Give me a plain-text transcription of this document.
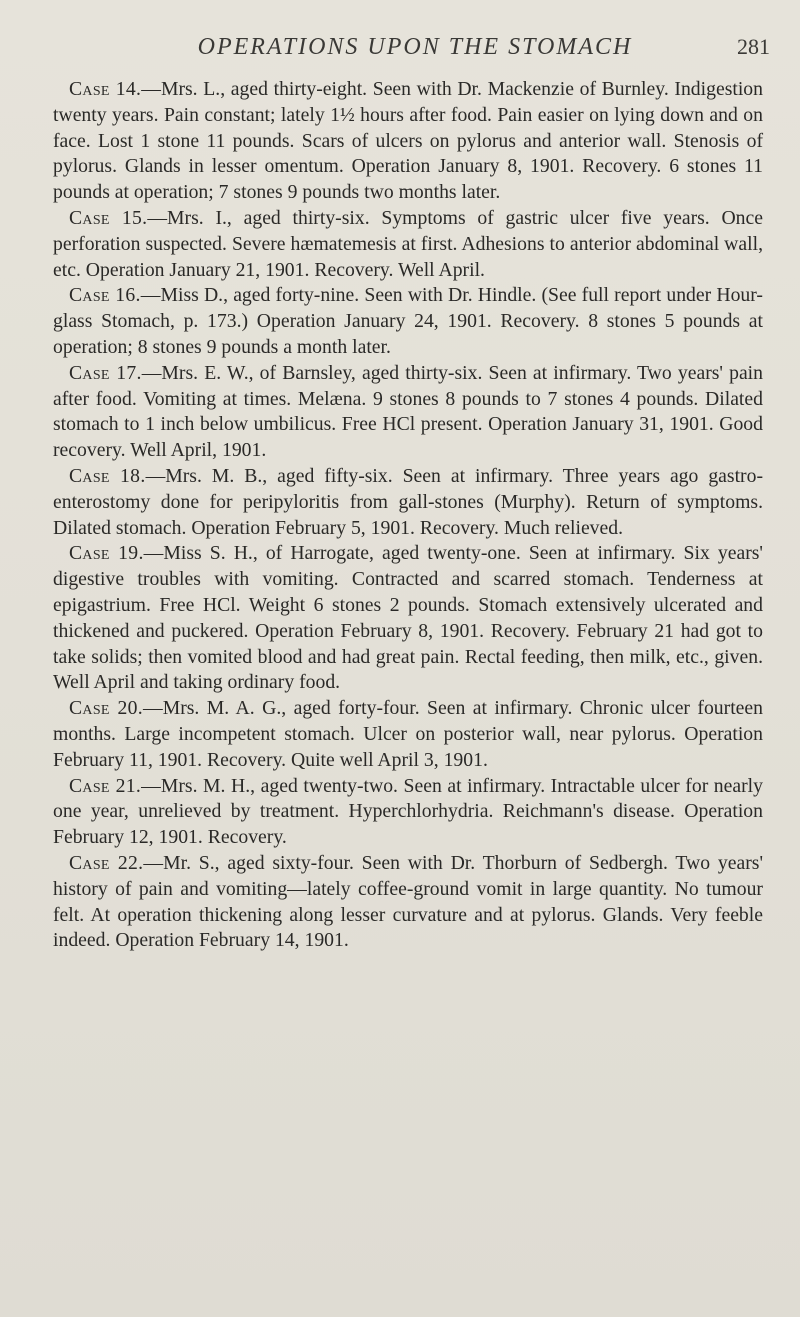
OPERATIONS UPON THE STOMACH	281

Case 14.—Mrs. L., aged thirty-eight. Seen with Dr. Mackenzie of Burnley. Indigestion twenty years. Pain constant; lately 1½ hours after food. Pain easier on lying down and on face. Lost 1 stone 11 pounds. Scars of ulcers on pylorus and anterior wall. Stenosis of pylorus. Glands in lesser omentum. Operation January 8, 1901. Recovery. 6 stones 11 pounds at operation; 7 stones 9 pounds two months later.

Case 15.—Mrs. I., aged thirty-six. Symptoms of gastric ulcer five years. Once perforation suspected. Severe hæmatemesis at first. Adhesions to anterior abdominal wall, etc. Operation January 21, 1901. Recovery. Well April.

Case 16.—Miss D., aged forty-nine. Seen with Dr. Hindle. (See full report under Hour-glass Stomach, p. 173.) Operation January 24, 1901. Recovery. 8 stones 5 pounds at operation; 8 stones 9 pounds a month later.

Case 17.—Mrs. E. W., of Barnsley, aged thirty-six. Seen at infirmary. Two years' pain after food. Vomiting at times. Melæna. 9 stones 8 pounds to 7 stones 4 pounds. Dilated stomach to 1 inch below umbilicus. Free HCl present. Operation January 31, 1901. Good recovery. Well April, 1901.

Case 18.—Mrs. M. B., aged fifty-six. Seen at infirmary. Three years ago gastro-enterostomy done for peripyloritis from gall-stones (Murphy). Return of symptoms. Dilated stomach. Operation February 5, 1901. Recovery. Much relieved.

Case 19.—Miss S. H., of Harrogate, aged twenty-one. Seen at infirmary. Six years' digestive troubles with vomiting. Contracted and scarred stomach. Tenderness at epigastrium. Free HCl. Weight 6 stones 2 pounds. Stomach extensively ulcerated and thickened and puckered. Operation February 8, 1901. Recovery. February 21 had got to take solids; then vomited blood and had great pain. Rectal feeding, then milk, etc., given. Well April and taking ordinary food.

Case 20.—Mrs. M. A. G., aged forty-four. Seen at infirmary. Chronic ulcer fourteen months. Large incompetent stomach. Ulcer on posterior wall, near pylorus. Operation February 11, 1901. Recovery. Quite well April 3, 1901.

Case 21.—Mrs. M. H., aged twenty-two. Seen at infirmary. Intractable ulcer for nearly one year, unrelieved by treatment. Hyperchlorhydria. Reichmann's disease. Operation February 12, 1901. Recovery.

Case 22.—Mr. S., aged sixty-four. Seen with Dr. Thorburn of Sedbergh. Two years' history of pain and vomiting—lately coffee-ground vomit in large quantity. No tumour felt. At operation thickening along lesser curvature and at pylorus. Glands. Very feeble indeed. Operation February 14, 1901.
